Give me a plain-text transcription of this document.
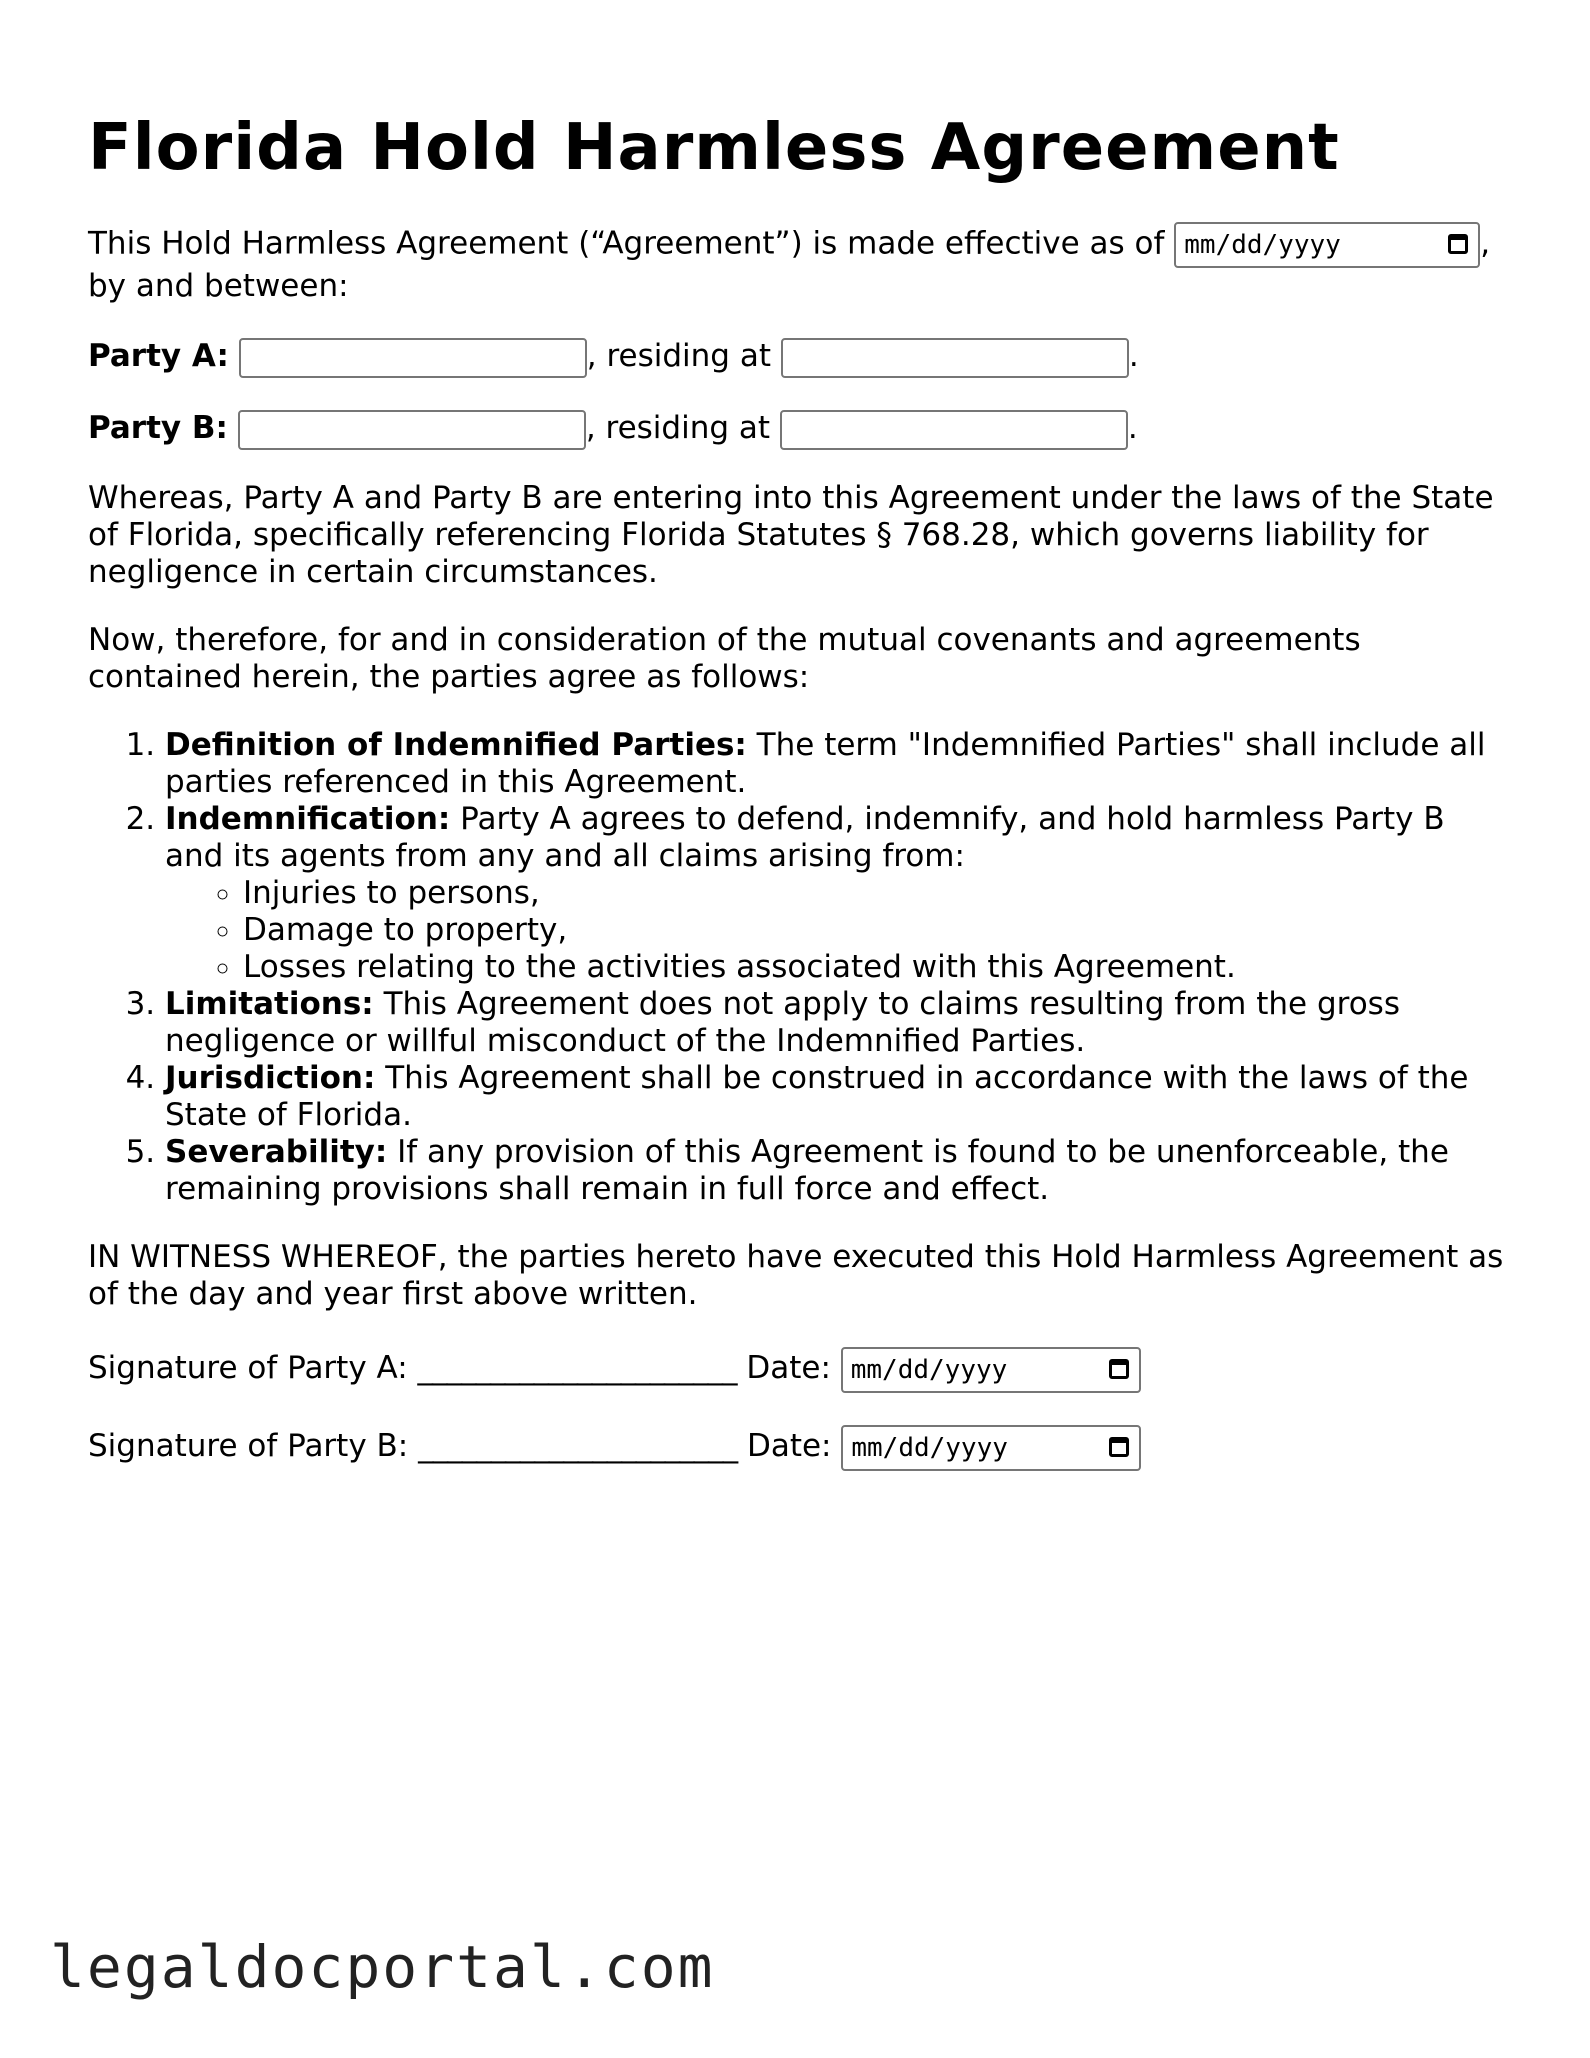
Florida Hold Harmless Agreement

This Hold Harmless Agreement (“Agreement”) is made effective as of mm/dd/yyyy	,
by and between:

Party A:	, residing at	.
Party B:	, residing at	.

Whereas, Party A and Party B are entering into this Agreement under the laws of the State of Florida, specifically referencing Florida Statutes § 768.28, which governs liability for negligence in certain circumstances.

Now, therefore, for and in consideration of the mutual covenants and agreements contained herein, the parties agree as follows:

1. Definition of Indemnified Parties: The term "Indemnified Parties" shall include all parties referenced in this Agreement.
2. Indemnification: Party A agrees to defend, indemnify, and hold harmless Party B and its agents from any and all claims arising from:
◦ Injuries to persons,
◦ Damage to property,
◦ Losses relating to the activities associated with this Agreement.
3. Limitations: This Agreement does not apply to claims resulting from the gross negligence or willful misconduct of the Indemnified Parties.
4. Jurisdiction: This Agreement shall be construed in accordance with the laws of the State of Florida.
5. Severability: If any provision of this Agreement is found to be unenforceable, the remaining provisions shall remain in full force and effect.

IN WITNESS WHEREOF, the parties hereto have executed this Hold Harmless Agreement as of the day and year first above written.

Signature of Party A: ______________________ Date: mm/dd/yyyy
Signature of Party B: ______________________ Date: mm/dd/yyyy
legaldocportal.com
